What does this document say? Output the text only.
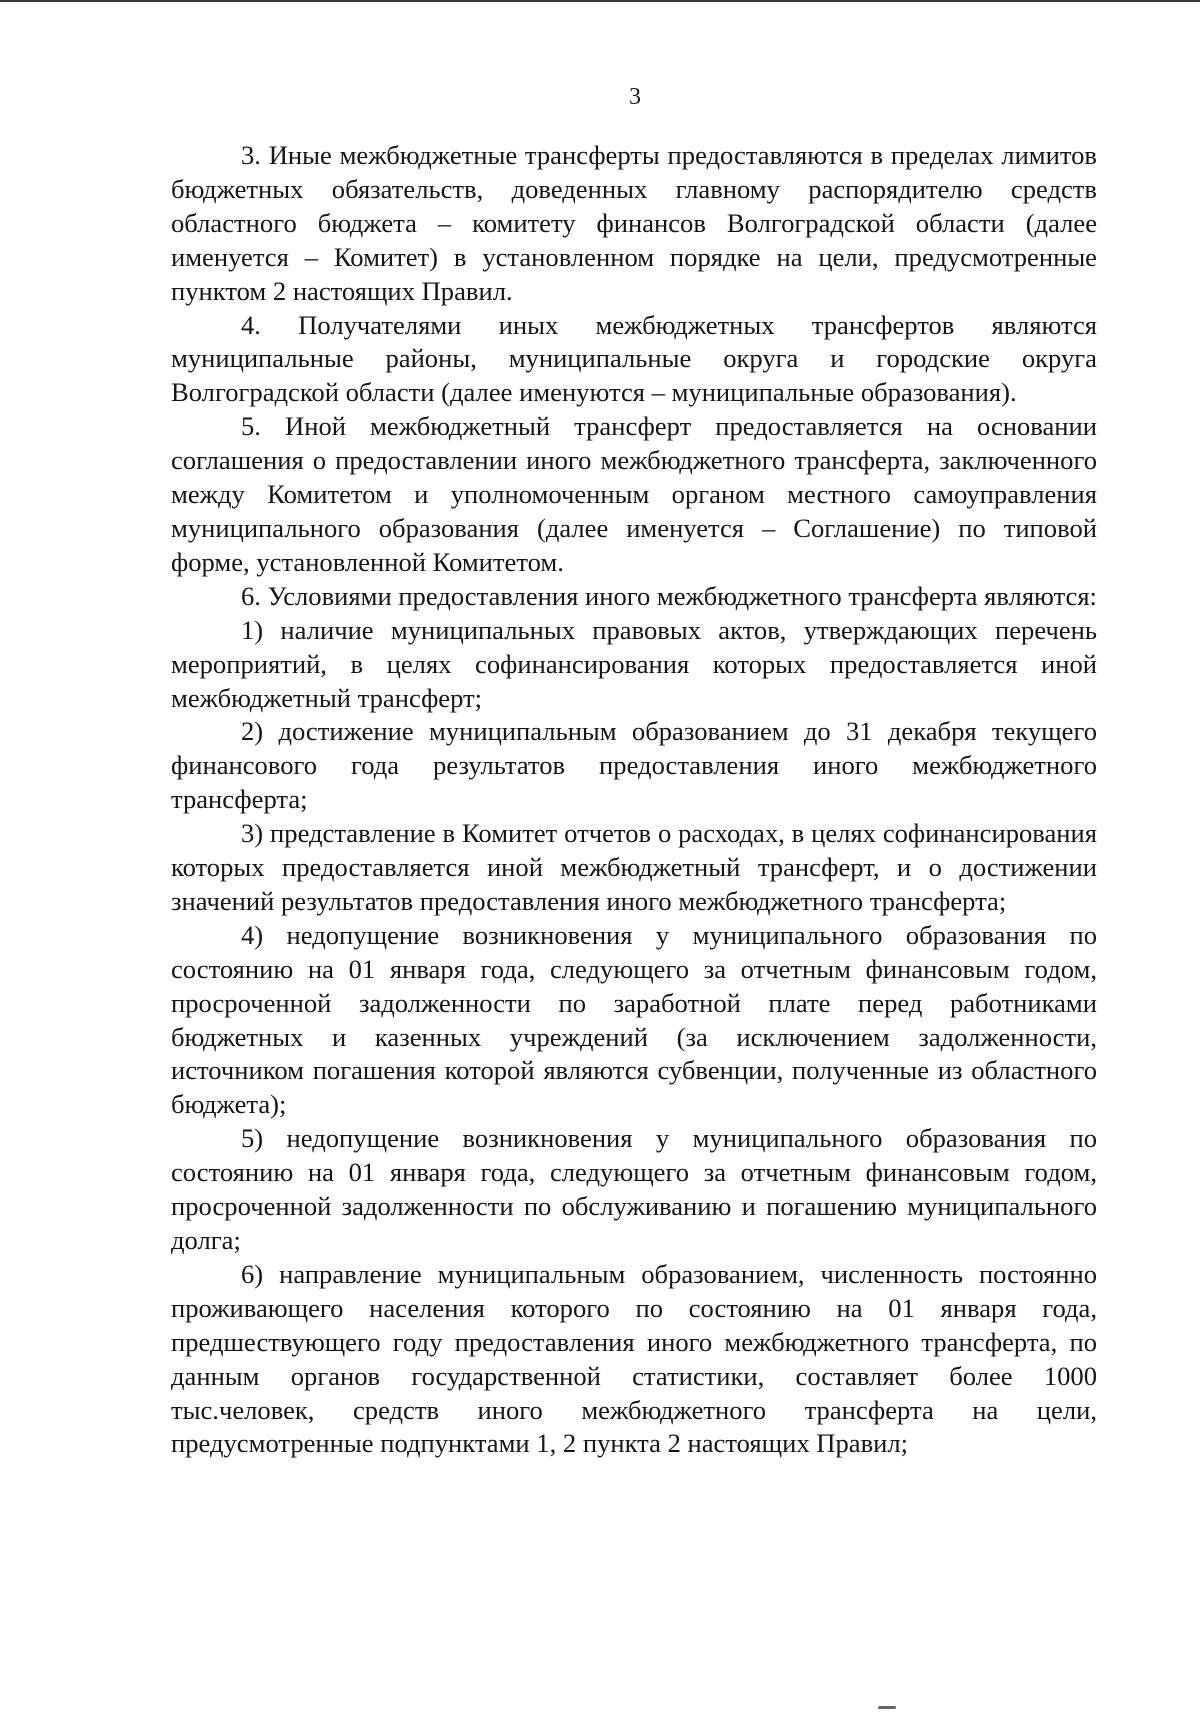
3

3. Иные межбюджетные трансферты предоставляются в пределах лимитов бюджетных обязательств, доведенных главному распорядителю средств областного бюджета – комитету финансов Волгоградской области (далее именуется – Комитет) в установленном порядке на цели, предусмотренные пунктом 2 настоящих Правил.

4. Получателями иных межбюджетных трансфертов являются муниципальные районы, муниципальные округа и городские округа Волгоградской области (далее именуются – муниципальные образования).

5. Иной межбюджетный трансферт предоставляется на основании соглашения о предоставлении иного межбюджетного трансферта, заключенного между Комитетом и уполномоченным органом местного самоуправления муниципального образования (далее именуется – Соглашение) по типовой форме, установленной Комитетом.

6. Условиями предоставления иного межбюджетного трансферта являются:

1) наличие муниципальных правовых актов, утверждающих перечень мероприятий, в целях софинансирования которых предоставляется иной межбюджетный трансферт;

2) достижение муниципальным образованием до 31 декабря текущего финансового года результатов предоставления иного межбюджетного трансферта;

3) представление в Комитет отчетов о расходах, в целях софинансирования которых предоставляется иной межбюджетный трансферт, и о достижении значений результатов предоставления иного межбюджетного трансферта;

4) недопущение возникновения у муниципального образования по состоянию на 01 января года, следующего за отчетным финансовым годом, просроченной задолженности по заработной плате перед работниками бюджетных и казенных учреждений (за исключением задолженности, источником погашения которой являются субвенции, полученные из областного бюджета);

5) недопущение возникновения у муниципального образования по состоянию на 01 января года, следующего за отчетным финансовым годом, просроченной задолженности по обслуживанию и погашению муниципального долга;

6) направление муниципальным образованием, численность постоянно проживающего населения которого по состоянию на 01 января года, предшествующего году предоставления иного межбюджетного трансферта, по данным органов государственной статистики, составляет более 1000 тыс.человек, средств иного межбюджетного трансферта на цели, предусмотренные подпунктами 1, 2 пункта 2 настоящих Правил;
